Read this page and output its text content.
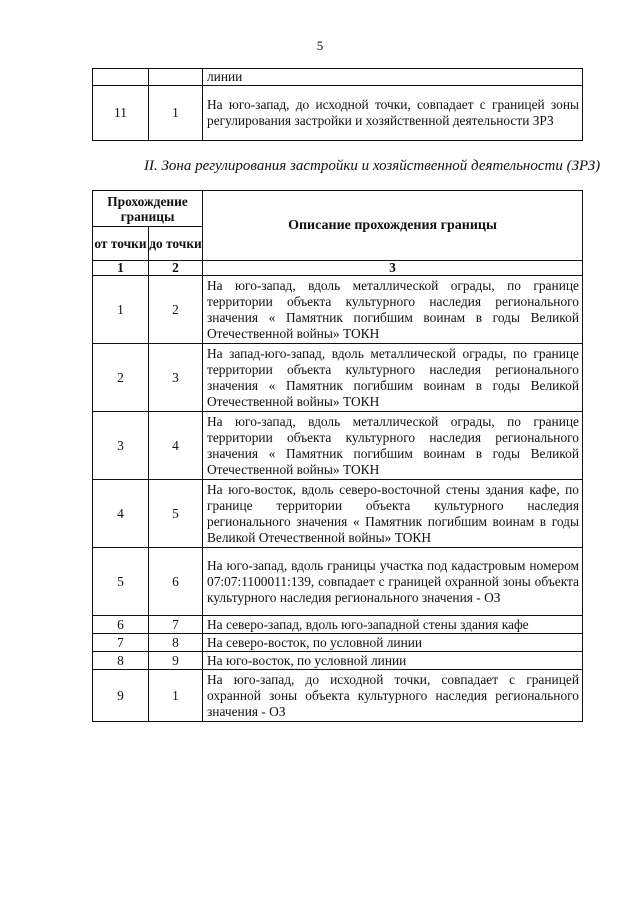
5
		линии
11	1	На юго-запад, до исходной точки, совпадает с границей зоны регулирования застройки и хозяйственной деятельности ЗРЗ
II. Зона регулирования застройки и хозяйственной деятельности (ЗРЗ)
Прохождение границы		Описание прохождения границы
от точки	до точки	
1	2	3
1	2	На юго-запад, вдоль металлической ограды, по границе территории объекта культурного наследия регионального значения « Памятник погибшим воинам в годы Великой Отечественной войны» ТОКН
2	3	На запад-юго-запад, вдоль металлической ограды, по границе территории объекта культурного наследия регионального значения « Памятник погибшим воинам в годы Великой Отечественной войны» ТОКН
3	4	На юго-запад, вдоль металлической ограды, по границе территории объекта культурного наследия регионального значения « Памятник погибшим воинам в годы Великой Отечественной войны» ТОКН
4	5	На юго-восток, вдоль северо-восточной стены здания кафе, по границе территории объекта культурного наследия регионального значения « Памятник погибшим воинам в годы Великой Отечественной войны» ТОКН
5	6	На юго-запад, вдоль границы участка под кадастровым номером 07:07:1100011:139, совпадает с границей охранной зоны объекта культурного наследия регионального значения - ОЗ
6	7	На северо-запад, вдоль юго-западной стены здания кафе
7	8	На северо-восток, по условной линии
8	9	На юго-восток, по условной линии
9	1	На юго-запад, до исходной точки, совпадает с границей охранной зоны объекта культурного наследия регионального значения - ОЗ
